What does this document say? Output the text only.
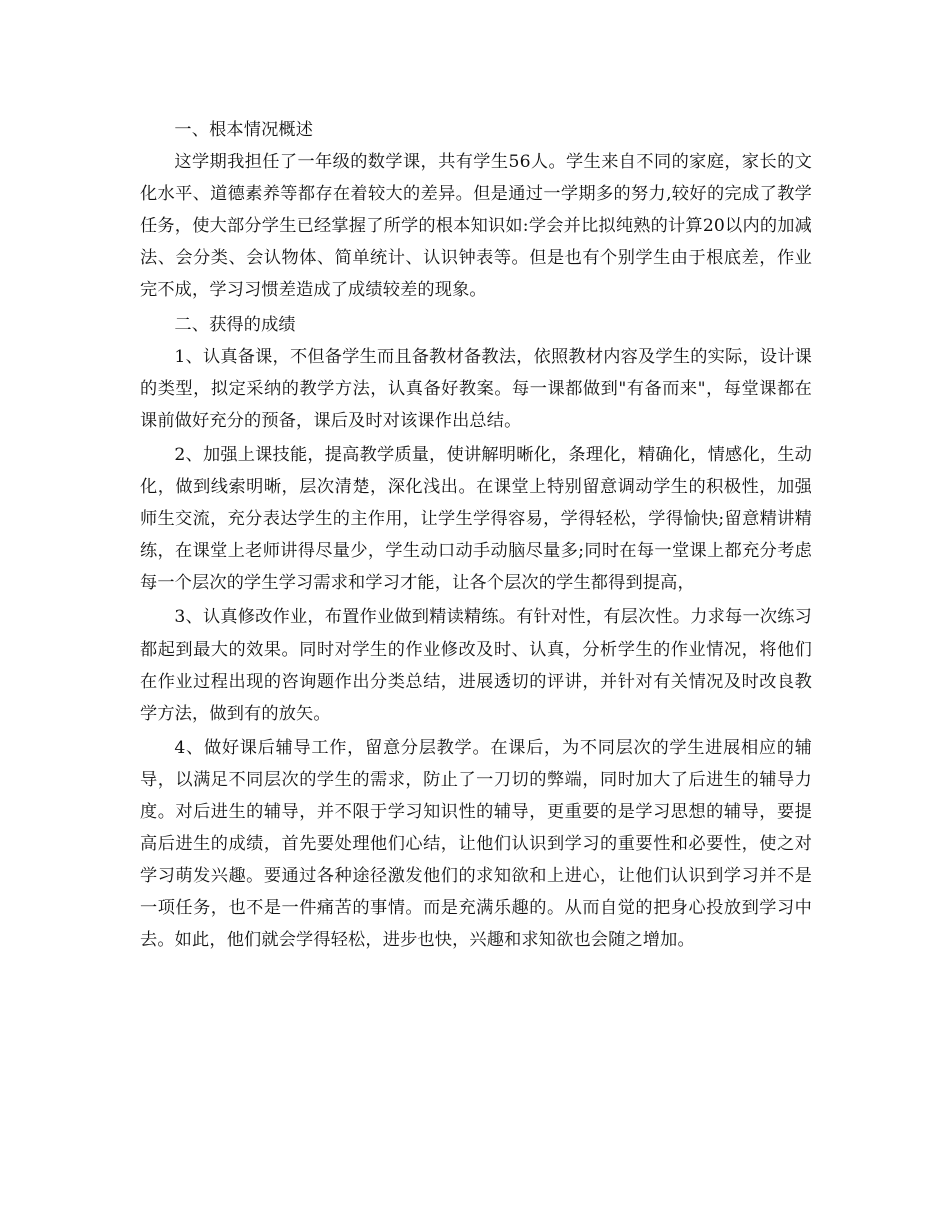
一、根本情况概述

这学期我担任了一年级的数学课，共有学生56人。学生来自不同的家庭，家长的文化水平、道德素养等都存在着较大的差异。但是通过一学期多的努力,较好的完成了教学任务，使大部分学生已经掌握了所学的根本知识如:学会并比拟纯熟的计算20以内的加减法、会分类、会认物体、简单统计、认识钟表等。但是也有个别学生由于根底差，作业完不成，学习习惯差造成了成绩较差的现象。

二、获得的成绩

1、认真备课，不但备学生而且备教材备教法，依照教材内容及学生的实际，设计课的类型，拟定采纳的教学方法，认真备好教案。每一课都做到"有备而来"，每堂课都在课前做好充分的预备，课后及时对该课作出总结。

2、加强上课技能，提高教学质量，使讲解明晰化，条理化，精确化，情感化，生动化，做到线索明晰，层次清楚，深化浅出。在课堂上特别留意调动学生的积极性，加强师生交流，充分表达学生的主作用，让学生学得容易，学得轻松，学得愉快;留意精讲精练，在课堂上老师讲得尽量少，学生动口动手动脑尽量多;同时在每一堂课上都充分考虑每一个层次的学生学习需求和学习才能，让各个层次的学生都得到提高，

3、认真修改作业，布置作业做到精读精练。有针对性，有层次性。力求每一次练习都起到最大的效果。同时对学生的作业修改及时、认真，分析学生的作业情况，将他们在作业过程出现的咨询题作出分类总结，进展透切的评讲，并针对有关情况及时改良教学方法，做到有的放矢。

4、做好课后辅导工作，留意分层教学。在课后，为不同层次的学生进展相应的辅导，以满足不同层次的学生的需求，防止了一刀切的弊端，同时加大了后进生的辅导力度。对后进生的辅导，并不限于学习知识性的辅导，更重要的是学习思想的辅导，要提高后进生的成绩，首先要处理他们心结，让他们认识到学习的重要性和必要性，使之对学习萌发兴趣。要通过各种途径激发他们的求知欲和上进心，让他们认识到学习并不是一项任务，也不是一件痛苦的事情。而是充满乐趣的。从而自觉的把身心投放到学习中去。如此，他们就会学得轻松，进步也快，兴趣和求知欲也会随之增加。
